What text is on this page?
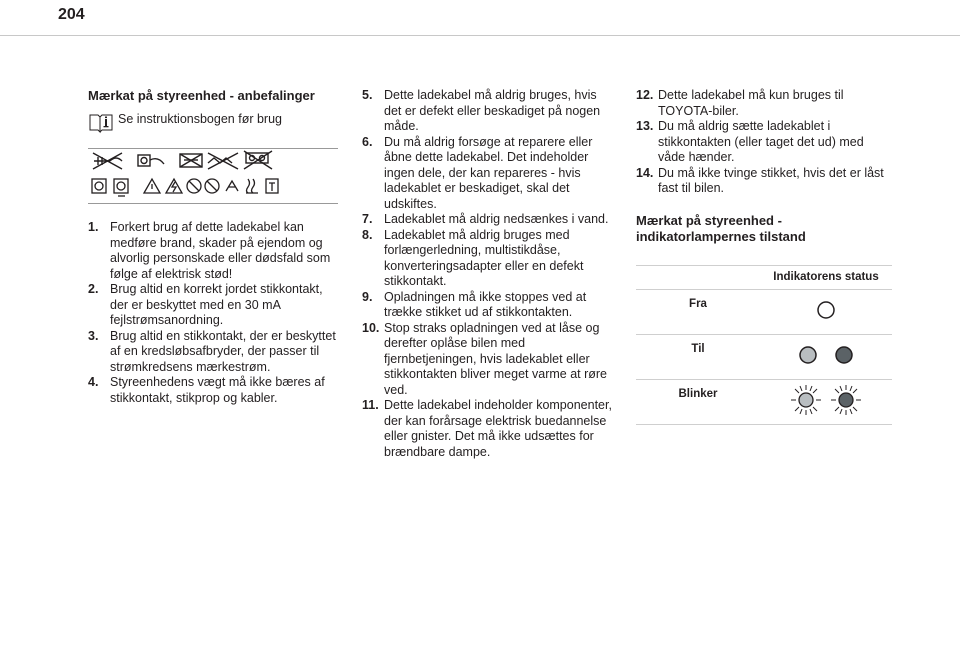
204
Mærkat på styreenhed - anbefalinger
Se instruktionsbogen før brug
1. Forkert brug af dette ladekabel kan medføre brand, skader på ejendom og alvorlig personskade eller dødsfald som følge af elektrisk stød!
2. Brug altid en korrekt jordet stikkontakt, der er beskyttet med en 30 mA fejlstrømsanordning.
3. Brug altid en stikkontakt, der er beskyttet af en kredsløbsafbryder, der passer til strømkredsens mærkestrøm.
4. Styreenhedens vægt må ikke bæres af stikkontakt, stikprop og kabler.
5. Dette ladekabel må aldrig bruges, hvis det er defekt eller beskadiget på nogen måde.
6. Du må aldrig forsøge at reparere eller åbne dette ladekabel. Det indeholder ingen dele, der kan repareres - hvis ladekablet er beskadiget, skal det udskiftes.
7. Ladekablet må aldrig nedsænkes i vand.
8. Ladekablet må aldrig bruges med forlængerledning, multistikdåse, konverteringsadapter eller en defekt stikkontakt.
9. Opladningen må ikke stoppes ved at trække stikket ud af stikkontakten.
10. Stop straks opladningen ved at låse og derefter oplåse bilen med fjernbetjeningen, hvis ladekablet eller stikkontakten bliver meget varme at røre ved.
11. Dette ladekabel indeholder komponenter, der kan forårsage elektrisk buedannelse eller gnister. Det må ikke udsættes for brændbare dampe.
12. Dette ladekabel må kun bruges til TOYOTA-biler.
13. Du må aldrig sætte ladekablet i stikkontakten (eller taget det ud) med våde hænder.
14. Du må ikke tvinge stikket, hvis det er låst fast til bilen.
Mærkat på styreenhed - indikatorlampernes tilstand
	Indikatorens status
Fra	
Til	
Blinker	
